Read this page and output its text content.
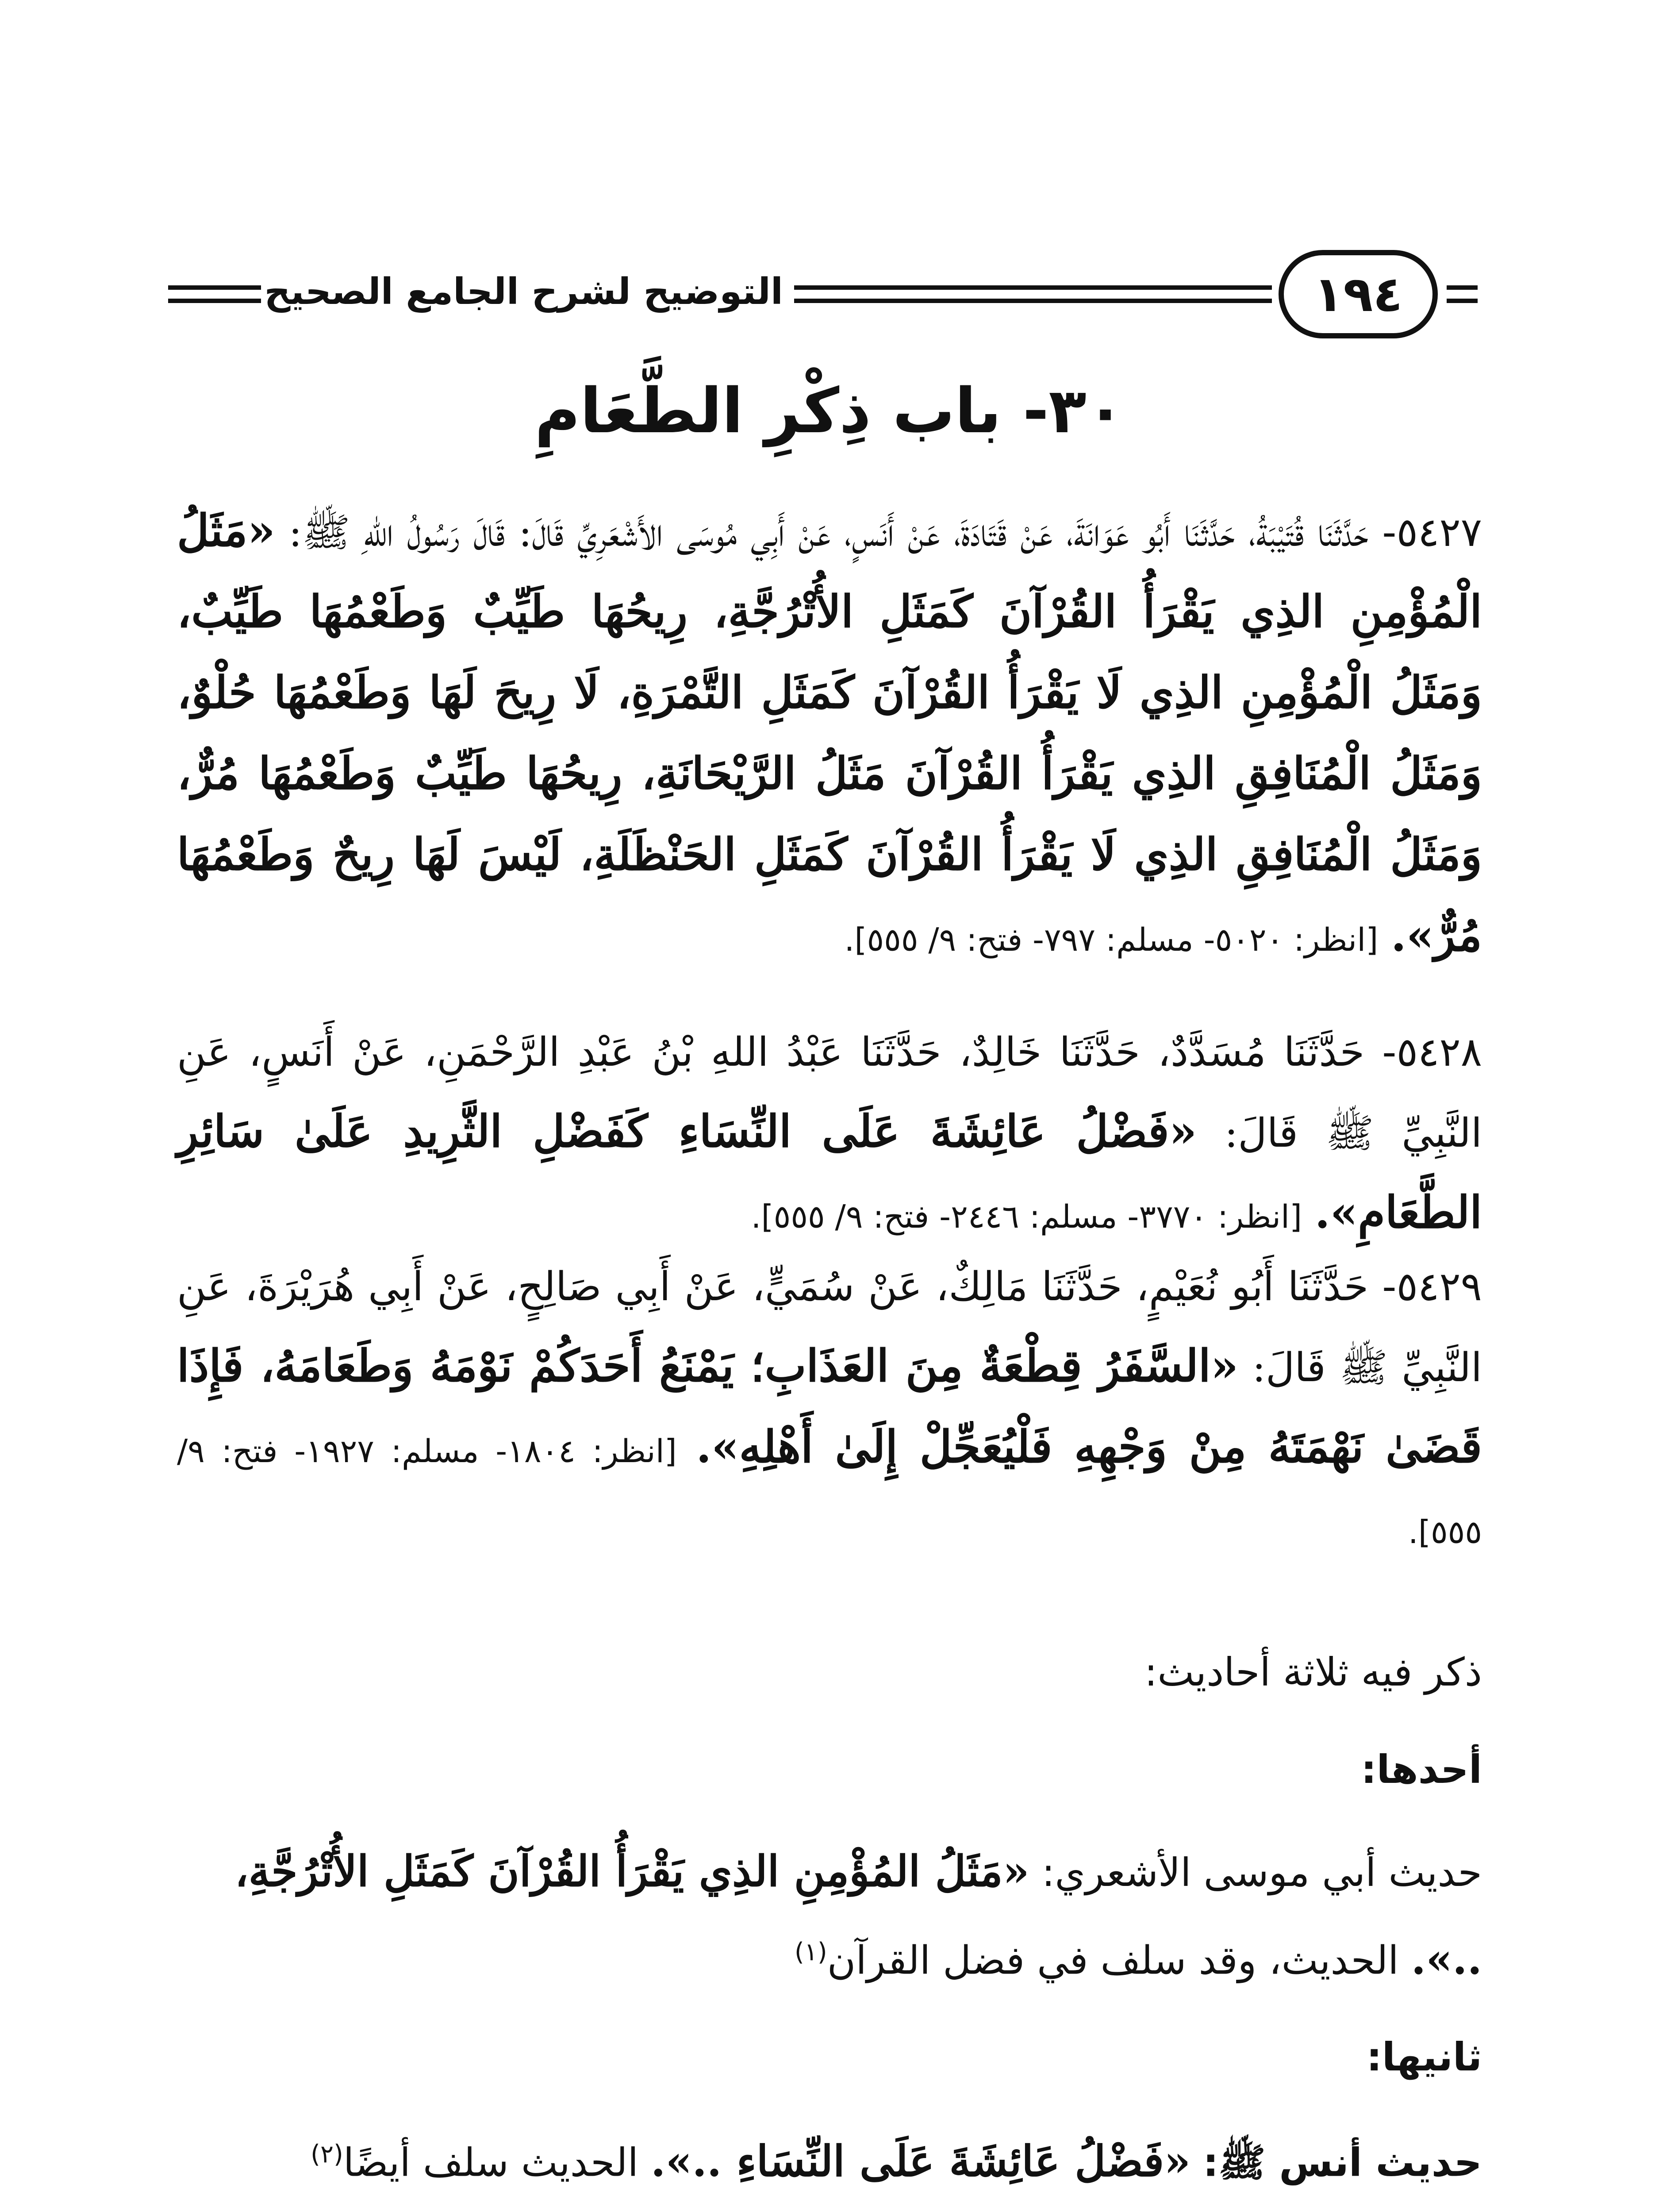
التوضيح لشرح الجامع الصحيح	١٩٤
٣٠- باب ذِكْرِ الطَّعَامِ

٥٤٢٧- حَدَّثَنَا قُتَيْبَةُ، حَدَّثَنَا أَبُو عَوَانَةَ، عَنْ قَتَادَةَ، عَنْ أَنَسٍ، عَنْ أَبِي مُوسَى الأَشْعَرِيِّ قَالَ: قَالَ رَسُولُ اللهِ ﷺ: «مَثَلُ الْمُؤْمِنِ الذِي يَقْرَأُ القُرْآنَ كَمَثَلِ الأُتْرُجَّةِ، رِيحُهَا طَيِّبٌ وَطَعْمُهَا طَيِّبٌ، وَمَثَلُ الْمُؤْمِنِ الذِي لَا يَقْرَأُ القُرْآنَ كَمَثَلِ التَّمْرَةِ، لَا رِيحَ لَهَا وَطَعْمُهَا حُلْوٌ، وَمَثَلُ الْمُنَافِقِ الذِي يَقْرَأُ القُرْآنَ مَثَلُ الرَّيْحَانَةِ، رِيحُهَا طَيِّبٌ وَطَعْمُهَا مُرٌّ، وَمَثَلُ الْمُنَافِقِ الذِي لَا يَقْرَأُ القُرْآنَ كَمَثَلِ الحَنْظَلَةِ، لَيْسَ لَهَا رِيحٌ وَطَعْمُهَا مُرٌّ». [انظر: ٥٠٢٠- مسلم: ٧٩٧- فتح: ٩/ ٥٥٥].

٥٤٢٨- حَدَّثَنَا مُسَدَّدٌ، حَدَّثَنَا خَالِدٌ، حَدَّثَنَا عَبْدُ اللهِ بْنُ عَبْدِ الرَّحْمَنِ، عَنْ أَنَسٍ، عَنِ النَّبِيِّ ﷺ قَالَ: «فَضْلُ عَائِشَةَ عَلَى النِّسَاءِ كَفَضْلِ الثَّرِيدِ عَلَىٰ سَائِرِ الطَّعَامِ». [انظر: ٣٧٧٠- مسلم: ٢٤٤٦- فتح: ٩/ ٥٥٥].

٥٤٢٩- حَدَّثَنَا أَبُو نُعَيْمٍ، حَدَّثَنَا مَالِكٌ، عَنْ سُمَيٍّ، عَنْ أَبِي صَالِحٍ، عَنْ أَبِي هُرَيْرَةَ، عَنِ النَّبِيِّ ﷺ قَالَ: «السَّفَرُ قِطْعَةٌ مِنَ العَذَابِ؛ يَمْنَعُ أَحَدَكُمْ نَوْمَهُ وَطَعَامَهُ، فَإِذَا قَضَىٰ نَهْمَتَهُ مِنْ وَجْهِهِ فَلْيُعَجِّلْ إِلَىٰ أَهْلِهِ». [انظر: ١٨٠٤- مسلم: ١٩٢٧- فتح: ٩/ ٥٥٥].

ذكر فيه ثلاثة أحاديث:

أحدها:

حديث أبي موسى الأشعري: «مَثَلُ المُؤْمِنِ الذِي يَقْرَأُ القُرْآنَ كَمَثَلِ الأُتْرُجَّةِ، ..». الحديث، وقد سلف في فضل القرآن$^{(١)}$

ثانيها:

حديث أنس ﷺ: «فَضْلُ عَائِشَةَ عَلَى النِّسَاءِ ..». الحديث سلف أيضًا$^{(٢)}$
